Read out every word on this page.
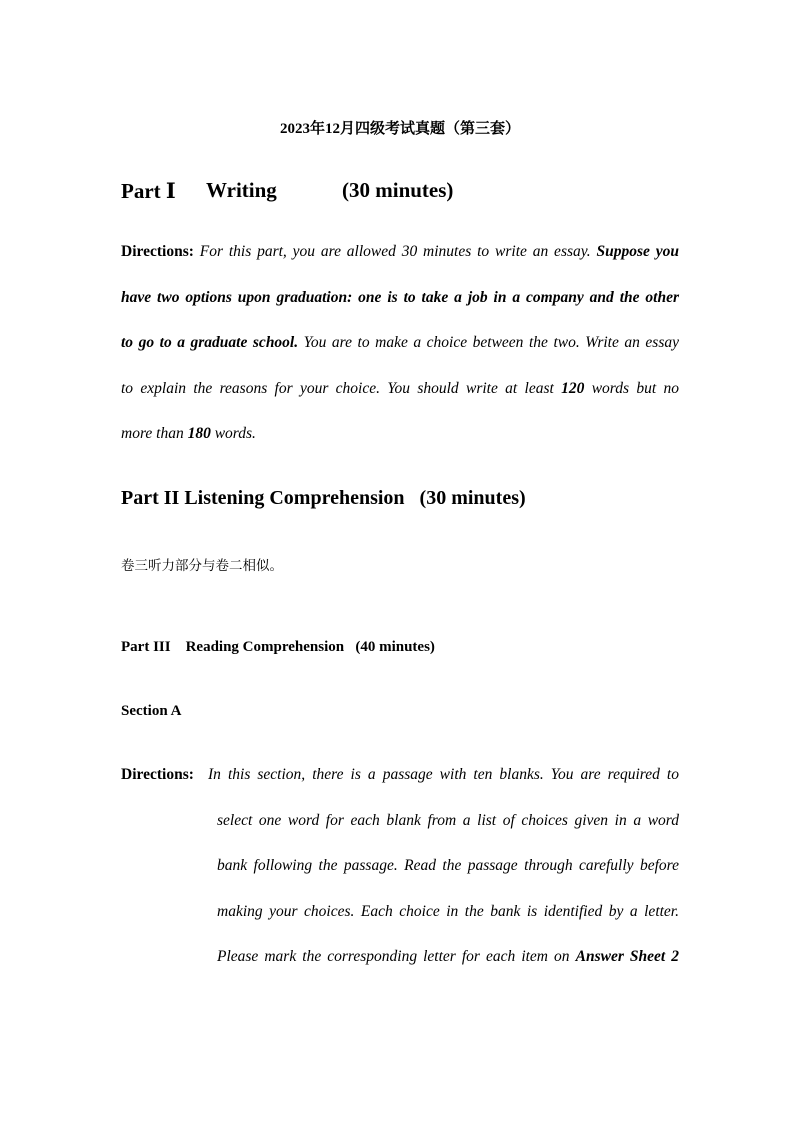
2023年12月四级考试真题（第三套）
Part Ⅰ Writing	(30 minutes)
Directions: For this part, you are allowed 30 minutes to write an essay. Suppose you
have two options upon graduation: one is to take a job in a company and the other
to go to a graduate school. You are to make a choice between the two. Write an essay
to explain the reasons for your choice. You should write at least 120 words but no
more than 180 words.
Part II Listening Comprehension   (30 minutes)
卷三听力部分与卷二相似。
Part III    Reading Comprehension   (40 minutes)
Section A
Directions: In this section, there is a passage with ten blanks. You are required to
select one word for each blank from a list of choices given in a word
bank following the passage. Read the passage through carefully before
making your choices. Each choice in the bank is identified by a letter.
Please mark the corresponding letter for each item on Answer Sheet 2
